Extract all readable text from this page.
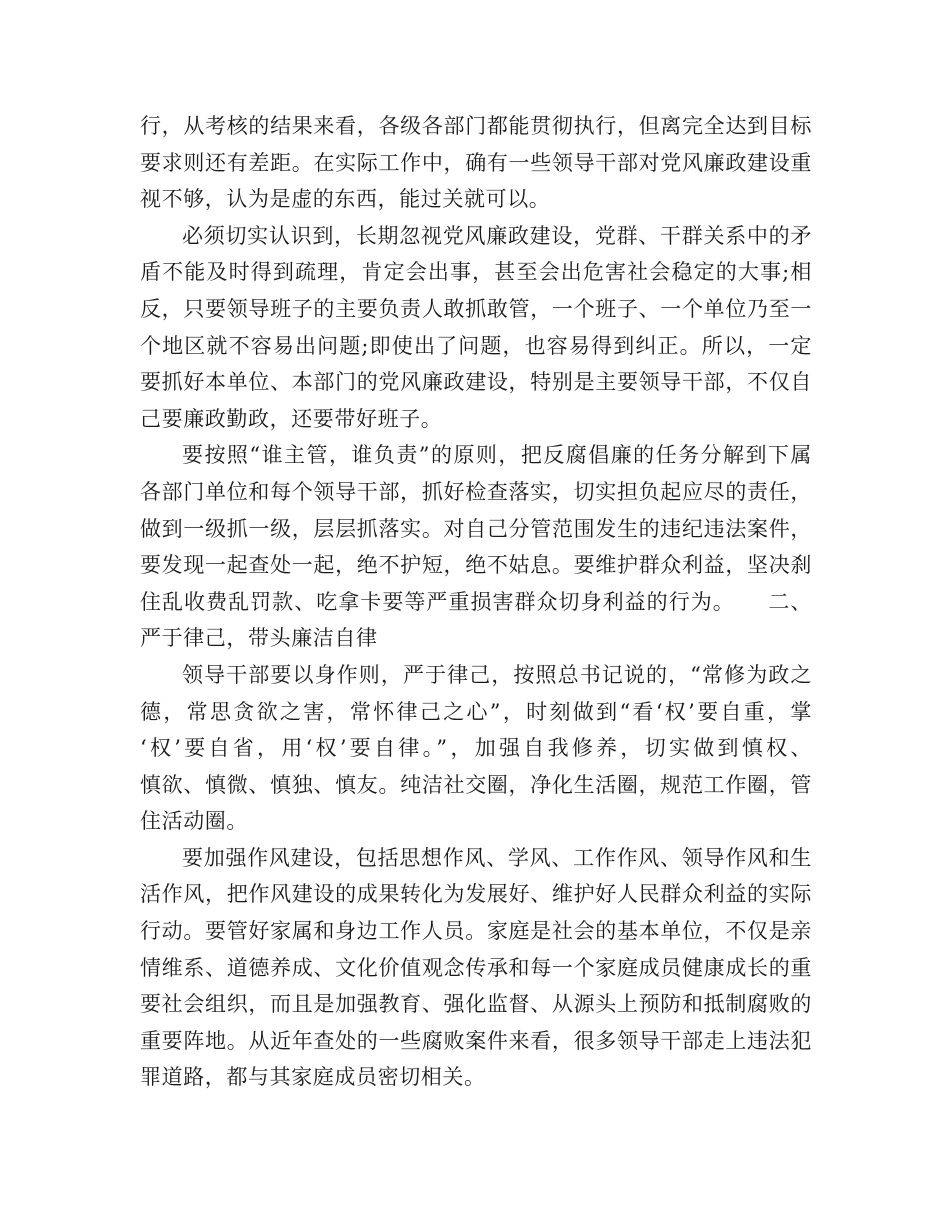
行，从考核的结果来看，各级各部门都能贯彻执行，但离完全达到目标
要求则还有差距。在实际工作中，确有一些领导干部对党风廉政建设重
视不够，认为是虚的东西，能过关就可以。
必须切实认识到，长期忽视党风廉政建设，党群、干群关系中的矛
盾不能及时得到疏理，肯定会出事，甚至会出危害社会稳定的大事;相
反，只要领导班子的主要负责人敢抓敢管，一个班子、一个单位乃至一
个地区就不容易出问题;即使出了问题，也容易得到纠正。所以，一定
要抓好本单位、本部门的党风廉政建设，特别是主要领导干部，不仅自
己要廉政勤政，还要带好班子。
要按照“谁主管，谁负责”的原则，把反腐倡廉的任务分解到下属
各部门单位和每个领导干部，抓好检查落实，切实担负起应尽的责任，
做到一级抓一级，层层抓落实。对自己分管范围发生的违纪违法案件，
要发现一起查处一起，绝不护短，绝不姑息。要维护群众利益，坚决刹
住乱收费乱罚款、吃拿卡要等严重损害群众切身利益的行为。　　二、
严于律己，带头廉洁自律
领导干部要以身作则，严于律己，按照总书记说的，“常修为政之
德，常思贪欲之害，常怀律己之心”，时刻做到“看‘权’要自重，掌
‘权’要自省，用‘权’要自律。”，加强自我修养，切实做到慎权、
慎欲、慎微、慎独、慎友。纯洁社交圈，净化生活圈，规范工作圈，管
住活动圈。
要加强作风建设，包括思想作风、学风、工作作风、领导作风和生
活作风，把作风建设的成果转化为发展好、维护好人民群众利益的实际
行动。要管好家属和身边工作人员。家庭是社会的基本单位，不仅是亲
情维系、道德养成、文化价值观念传承和每一个家庭成员健康成长的重
要社会组织，而且是加强教育、强化监督、从源头上预防和抵制腐败的
重要阵地。从近年查处的一些腐败案件来看，很多领导干部走上违法犯
罪道路，都与其家庭成员密切相关。
